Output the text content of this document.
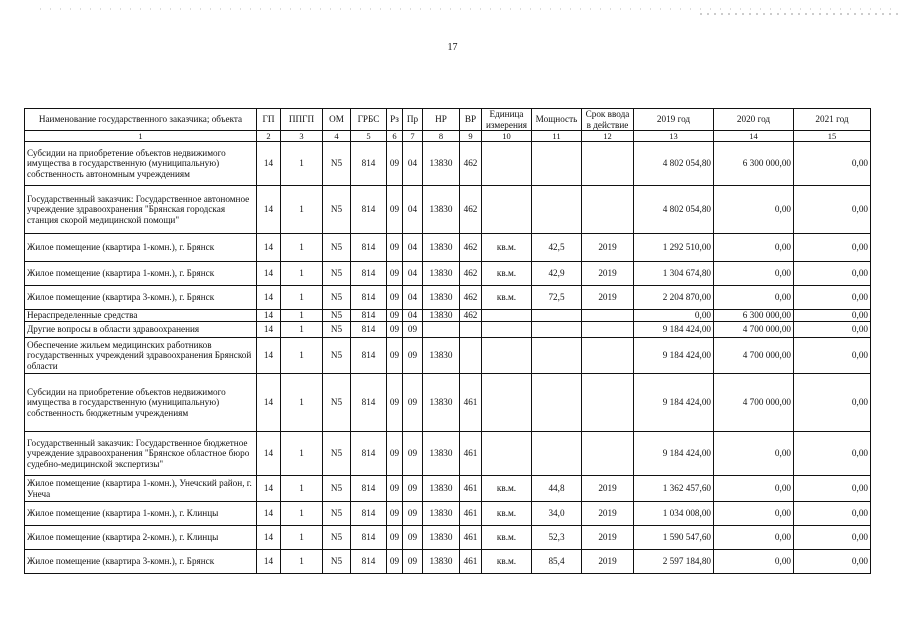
17
Наименование государственного заказчика; объекта	ГП	ППГП	ОМ	ГРБС	Рз	Пр	НР	ВР	Единица измерения	Мощность	Срок ввода в действие	2019 год	2020 год	2021 год
1	2	3	4	5	6	7	8	9	10	11	12	13	14	15
Субсидии на приобретение объектов недвижимого имущества в государственную (муниципальную) собственность автономным учреждениям	14	1	N5	814	09	04	13830	462				4 802 054,80	6 300 000,00	0,00
Государственный заказчик: Государственное автономное учреждение здравоохранения "Брянская городская станция скорой медицинской помощи"	14	1	N5	814	09	04	13830	462				4 802 054,80	0,00	0,00
Жилое помещение (квартира 1-комн.), г. Брянск	14	1	N5	814	09	04	13830	462	кв.м.	42,5	2019	1 292 510,00	0,00	0,00
Жилое помещение (квартира 1-комн.), г. Брянск	14	1	N5	814	09	04	13830	462	кв.м.	42,9	2019	1 304 674,80	0,00	0,00
Жилое помещение (квартира 3-комн.), г. Брянск	14	1	N5	814	09	04	13830	462	кв.м.	72,5	2019	2 204 870,00	0,00	0,00
Нераспределенные средства	14	1	N5	814	09	04	13830	462				0,00	6 300 000,00	0,00
Другие вопросы в области здравоохранения	14	1	N5	814	09	09						9 184 424,00	4 700 000,00	0,00
Обеспечение жильем медицинских работников государственных учреждений здравоохранения Брянской области	14	1	N5	814	09	09	13830					9 184 424,00	4 700 000,00	0,00
Субсидии на приобретение объектов недвижимого имущества в государственную (муниципальную) собственность бюджетным учреждениям	14	1	N5	814	09	09	13830	461				9 184 424,00	4 700 000,00	0,00
Государственный заказчик: Государственное бюджетное учреждение здравоохранения "Брянское областное бюро судебно-медицинской экспертизы"	14	1	N5	814	09	09	13830	461				9 184 424,00	0,00	0,00
Жилое помещение (квартира 1-комн.), Унечский район, г. Унеча	14	1	N5	814	09	09	13830	461	кв.м.	44,8	2019	1 362 457,60	0,00	0,00
Жилое помещение (квартира 1-комн.), г. Клинцы	14	1	N5	814	09	09	13830	461	кв.м.	34,0	2019	1 034 008,00	0,00	0,00
Жилое помещение (квартира 2-комн.), г. Клинцы	14	1	N5	814	09	09	13830	461	кв.м.	52,3	2019	1 590 547,60	0,00	0,00
Жилое помещение (квартира 3-комн.), г. Брянск	14	1	N5	814	09	09	13830	461	кв.м.	85,4	2019	2 597 184,80	0,00	0,00
